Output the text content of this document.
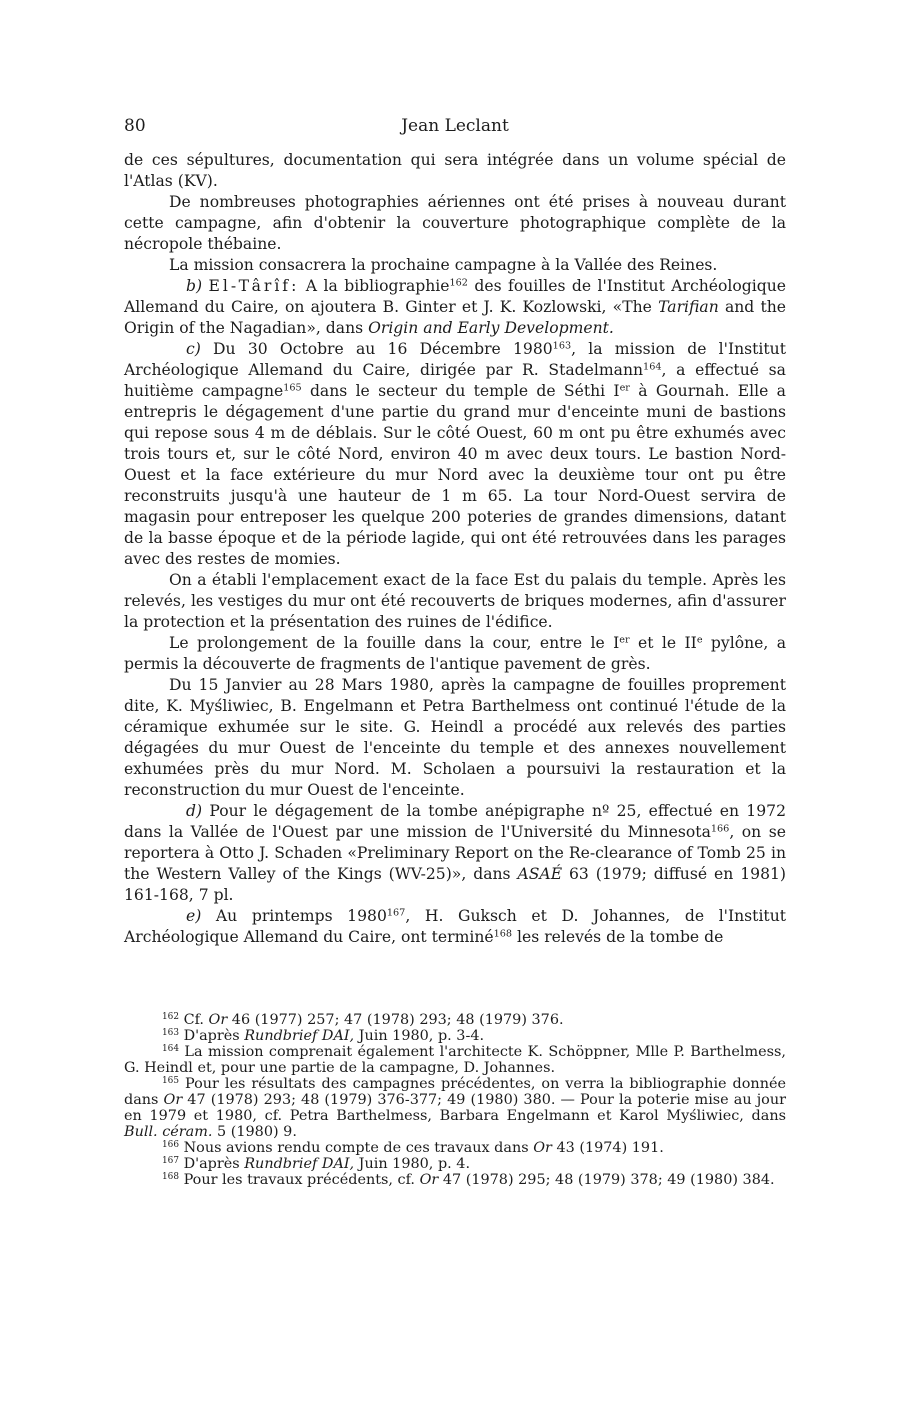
80	Jean Leclant

de ces sépultures, documentation qui sera intégrée dans un volume spécial de l'Atlas (KV).

De nombreuses photographies aériennes ont été prises à nouveau durant cette campagne, afin d'obtenir la couverture photographique complète de la nécropole thébaine.

La mission consacrera la prochaine campagne à la Vallée des Reines.

b) El-Târîf: A la bibliographie$^{162}$ des fouilles de l'Institut Archéologique Allemand du Caire, on ajoutera B. Ginter et J. K. Kozlowski, «The Tarifian and the Origin of the Nagadian», dans Origin and Early Development.

c) Du 30 Octobre au 16 Décembre 1980$^{163}$, la mission de l'Institut Archéologique Allemand du Caire, dirigée par R. Stadelmann$^{164}$, a effectué sa huitième campagne$^{165}$ dans le secteur du temple de Séthi Ier à Gournah. Elle a entrepris le dégagement d'une partie du grand mur d'enceinte muni de bastions qui repose sous 4 m de déblais. Sur le côté Ouest, 60 m ont pu être exhumés avec trois tours et, sur le côté Nord, environ 40 m avec deux tours. Le bastion Nord-Ouest et la face extérieure du mur Nord avec la deuxième tour ont pu être reconstruits jusqu'à une hauteur de 1 m 65. La tour Nord-Ouest servira de magasin pour entreposer les quelque 200 poteries de grandes dimensions, datant de la basse époque et de la période lagide, qui ont été retrouvées dans les parages avec des restes de momies.

On a établi l'emplacement exact de la face Est du palais du temple. Après les relevés, les vestiges du mur ont été recouverts de briques modernes, afin d'assurer la protection et la présentation des ruines de l'édifice.

Le prolongement de la fouille dans la cour, entre le Ier et le IIe pylône, a permis la découverte de fragments de l'antique pavement de grès.

Du 15 Janvier au 28 Mars 1980, après la campagne de fouilles proprement dite, K. Myśliwiec, B. Engelmann et Petra Barthelmess ont continué l'étude de la céramique exhumée sur le site. G. Heindl a procédé aux relevés des parties dégagées du mur Ouest de l'enceinte du temple et des annexes nouvellement exhumées près du mur Nord. M. Scholaen a poursuivi la restauration et la reconstruction du mur Ouest de l'enceinte.

d) Pour le dégagement de la tombe anépigraphe nº 25, effectué en 1972 dans la Vallée de l'Ouest par une mission de l'Université du Minnesota$^{166}$, on se reportera à Otto J. Schaden «Preliminary Report on the Re-clearance of Tomb 25 in the Western Valley of the Kings (WV-25)», dans ASAÉ 63 (1979; diffusé en 1981) 161-168, 7 pl.

e) Au printemps 1980$^{167}$, H. Guksch et D. Johannes, de l'Institut Archéologique Allemand du Caire, ont terminé$^{168}$ les relevés de la tombe de

$^{162}$ Cf. Or 46 (1977) 257; 47 (1978) 293; 48 (1979) 376.

$^{163}$ D'après Rundbrief DAI, Juin 1980, p. 3-4.

$^{164}$ La mission comprenait également l'architecte K. Schöppner, Mlle P. Barthelmess, G. Heindl et, pour une partie de la campagne, D. Johannes.

$^{165}$ Pour les résultats des campagnes précédentes, on verra la bibliographie donnée dans Or 47 (1978) 293; 48 (1979) 376-377; 49 (1980) 380. — Pour la poterie mise au jour en 1979 et 1980, cf. Petra Barthelmess, Barbara Engelmann et Karol Myśliwiec, dans Bull. céram. 5 (1980) 9.

$^{166}$ Nous avions rendu compte de ces travaux dans Or 43 (1974) 191.

$^{167}$ D'après Rundbrief DAI, Juin 1980, p. 4.

$^{168}$ Pour les travaux précédents, cf. Or 47 (1978) 295; 48 (1979) 378; 49 (1980) 384.
